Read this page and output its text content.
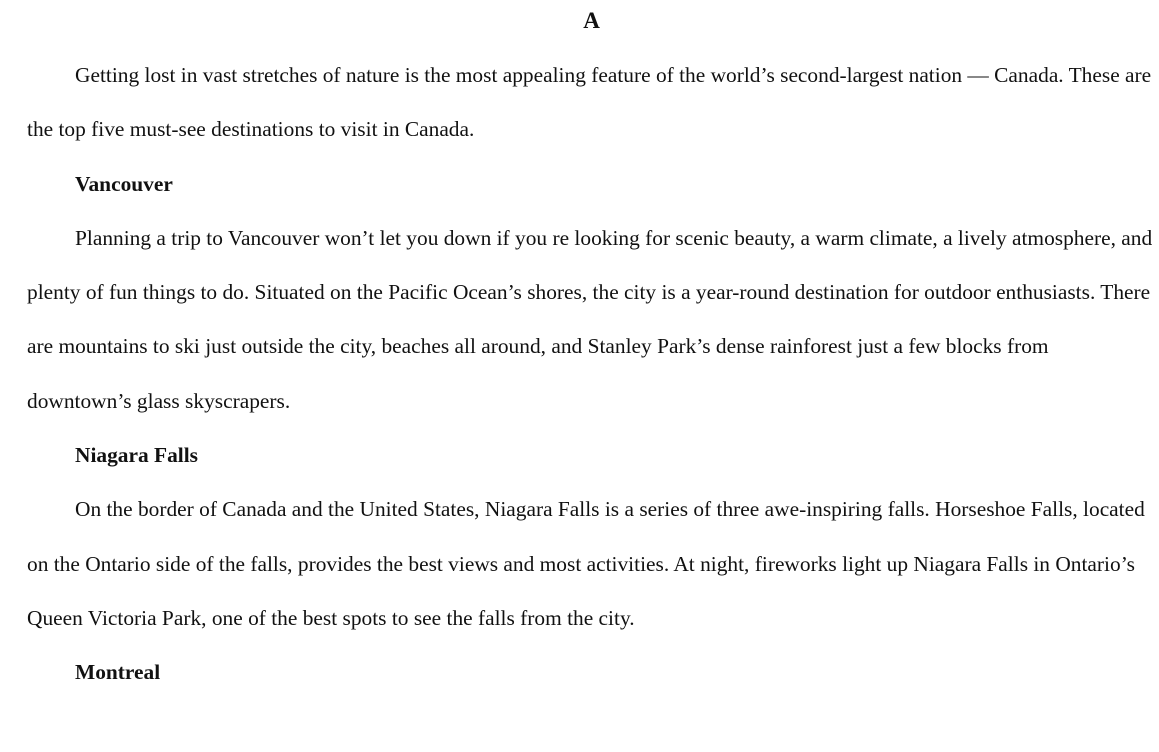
A

Getting lost in vast stretches of nature is the most appealing feature of the world’s second-largest nation — Canada. These are the top five must-see destinations to visit in Canada.

Vancouver

Planning a trip to Vancouver won’t let you down if you re looking for scenic beauty, a warm climate, a lively atmosphere, and plenty of fun things to do. Situated on the Pacific Ocean’s shores, the city is a year-round destination for outdoor enthusiasts. There are mountains to ski just outside the city, beaches all around, and Stanley Park’s dense rainforest just a few blocks from downtown’s glass skyscrapers.

Niagara Falls

On the border of Canada and the United States, Niagara Falls is a series of three awe-inspiring falls. Horseshoe Falls, located on the Ontario side of the falls, provides the best views and most activities. At night, fireworks light up Niagara Falls in Ontario’s Queen Victoria Park, one of the best spots to see the falls from the city.

Montreal
